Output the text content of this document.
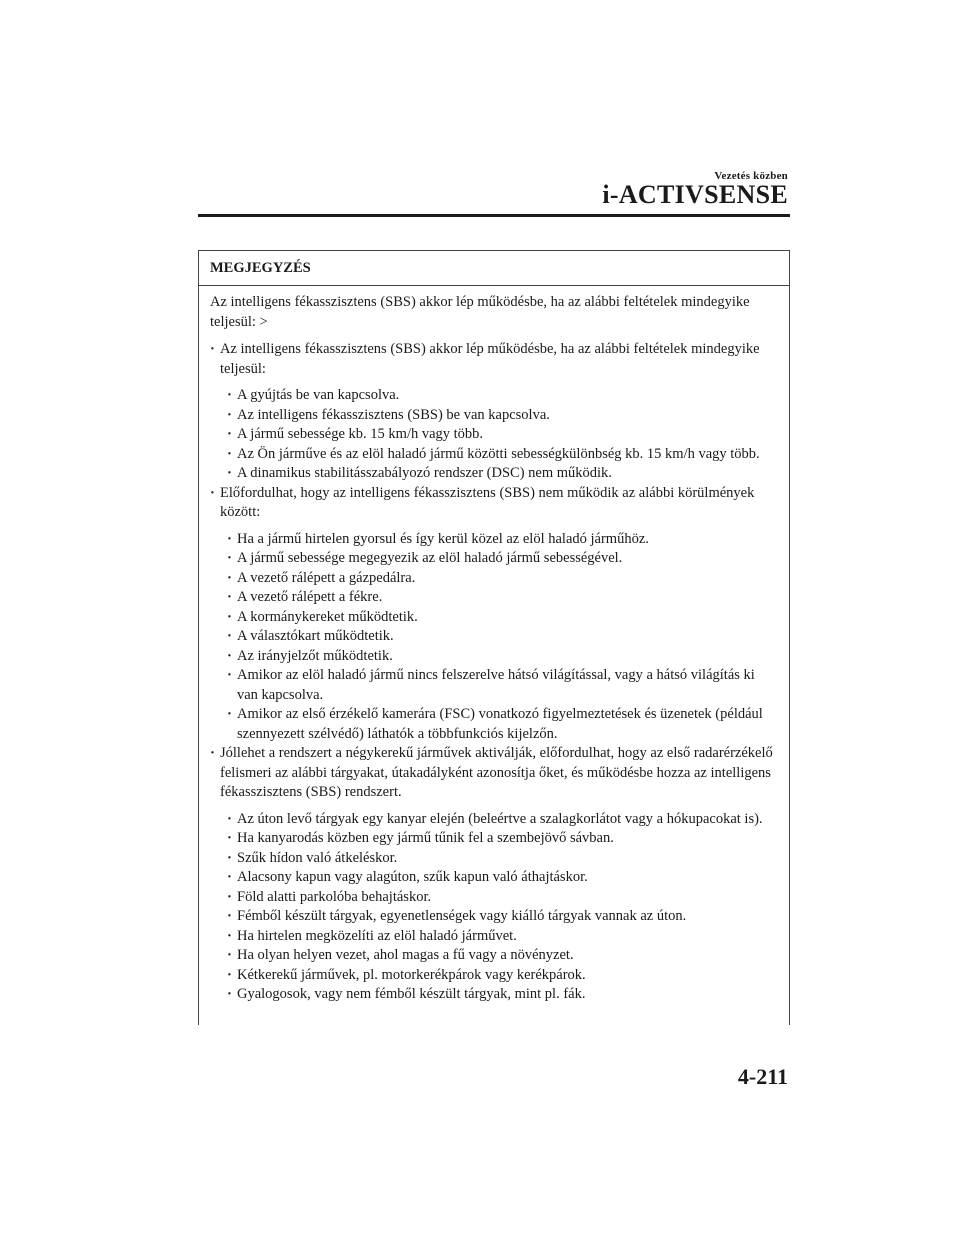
Vezetés közben
i-ACTIVSENSE
MEGJEGYZÉS

Az intelligens fékasszisztens (SBS) akkor lép működésbe, ha az alábbi feltételek mindegyike teljesül: >

· Az intelligens fékasszisztens (SBS) akkor lép működésbe, ha az alábbi feltételek mindegyike teljesül:
· A gyújtás be van kapcsolva.
· Az intelligens fékasszisztens (SBS) be van kapcsolva.
· A jármű sebessége kb. 15 km/h vagy több.
· Az Ön járműve és az elöl haladó jármű közötti sebességkülönbség kb. 15 km/h vagy több.
· A dinamikus stabilitásszabályozó rendszer (DSC) nem működik.
· Előfordulhat, hogy az intelligens fékasszisztens (SBS) nem működik az alábbi körülmények között:
· Ha a jármű hirtelen gyorsul és így kerül közel az elöl haladó járműhöz.
· A jármű sebessége megegyezik az elöl haladó jármű sebességével.
· A vezető rálépett a gázpedálra.
· A vezető rálépett a fékre.
· A kormánykereket működtetik.
· A választókart működtetik.
· Az irányjelzőt működtetik.
· Amikor az elöl haladó jármű nincs felszerelve hátsó világítással, vagy a hátsó világítás ki van kapcsolva.
· Amikor az első érzékelő kamerára (FSC) vonatkozó figyelmeztetések és üzenetek (például szennyezett szélvédő) láthatók a többfunkciós kijelzőn.
· Jóllehet a rendszert a négykerekű járművek aktiválják, előfordulhat, hogy az első radarérzékelő felismeri az alábbi tárgyakat, útakadályként azonosítja őket, és működésbe hozza az intelligens fékasszisztens (SBS) rendszert.
· Az úton levő tárgyak egy kanyar elején (beleértve a szalagkorlátot vagy a hókupacokat is).
· Ha kanyarodás közben egy jármű tűnik fel a szembejövő sávban.
· Szűk hídon való átkeléskor.
· Alacsony kapun vagy alagúton, szűk kapun való áthajtáskor.
· Föld alatti parkolóba behajtáskor.
· Fémből készült tárgyak, egyenetlenségek vagy kiálló tárgyak vannak az úton.
· Ha hirtelen megközelíti az elöl haladó járművet.
· Ha olyan helyen vezet, ahol magas a fű vagy a növényzet.
· Kétkerekű járművek, pl. motorkerékpárok vagy kerékpárok.
· Gyalogosok, vagy nem fémből készült tárgyak, mint pl. fák.
4-211
